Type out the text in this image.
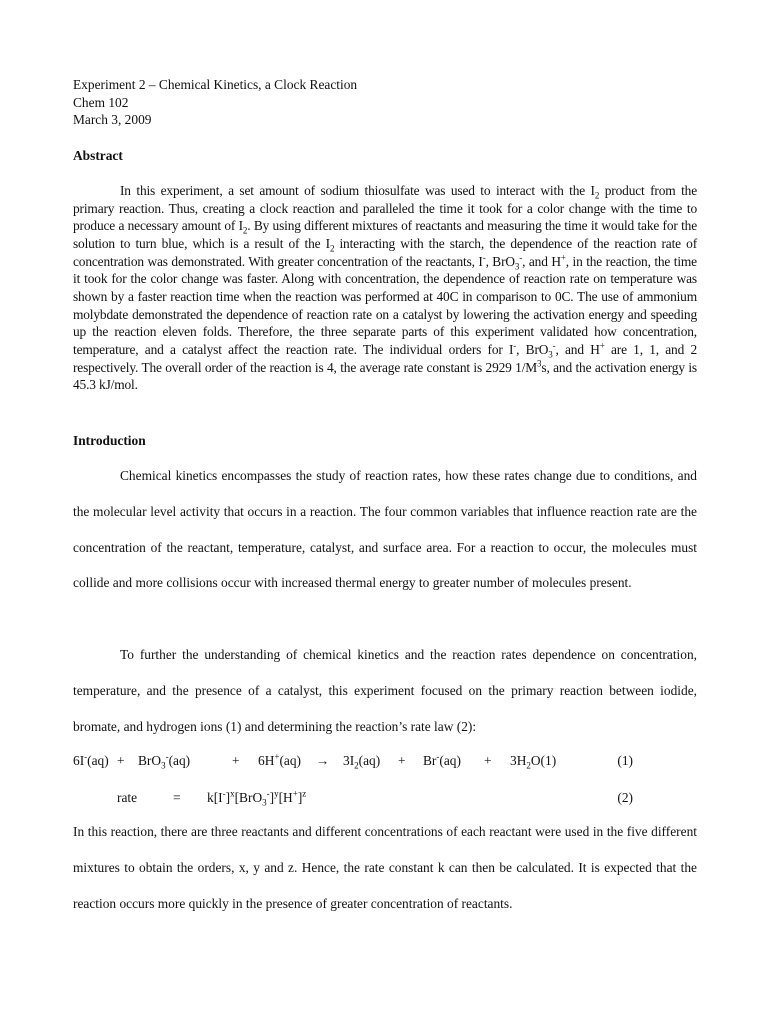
Experiment 2 – Chemical Kinetics, a Clock Reaction
Chem 102
March 3, 2009
Abstract

In this experiment, a set amount of sodium thiosulfate was used to interact with the $I_2$ product from the primary reaction. Thus, creating a clock reaction and paralleled the time it took for a color change with the time to produce a necessary amount of $I_2$. By using different mixtures of reactants and measuring the time it would take for the solution to turn blue, which is a result of the $I_2$ interacting with the starch, the dependence of the reaction rate of concentration was demonstrated. With greater concentration of the reactants, I-, BrO$_3$-, and H+, in the reaction, the time it took for the color change was faster. Along with concentration, the dependence of reaction rate on temperature was shown by a faster reaction time when the reaction was performed at 40C in comparison to 0C. The use of ammonium molybdate demonstrated the dependence of reaction rate on a catalyst by lowering the activation energy and speeding up the reaction eleven folds. Therefore, the three separate parts of this experiment validated how concentration, temperature, and a catalyst affect the reaction rate. The individual orders for I-, BrO$_3$-, and H+ are 1, 1, and 2 respectively. The overall order of the reaction is 4, the average rate constant is 2929 $1/M^3s$, and the activation energy is 45.3 kJ/mol.

Introduction

Chemical kinetics encompasses the study of reaction rates, how these rates change due to conditions, and the molecular level activity that occurs in a reaction. The four common variables that influence reaction rate are the concentration of the reactant, temperature, catalyst, and surface area. For a reaction to occur, the molecules must collide and more collisions occur with increased thermal energy to greater number of molecules present.

To further the understanding of chemical kinetics and the reaction rates dependence on concentration, temperature, and the presence of a catalyst, this experiment focused on the primary reaction between iodide, bromate, and hydrogen ions (1) and determining the reaction’s rate law (2):

6I-(aq) + BrO$_3$-(aq)	+ $6H^+(aq) \to 3I_2(aq) + Br^-(aq) + 3H_2O(1)$	(1)
rate	= $k[I^-]^x[BrO_3^-]^y[H^+]^z$	(2)

In this reaction, there are three reactants and different concentrations of each reactant were used in the five different mixtures to obtain the orders, x, y and z. Hence, the rate constant k can then be calculated. It is expected that the reaction occurs more quickly in the presence of greater concentration of reactants.
